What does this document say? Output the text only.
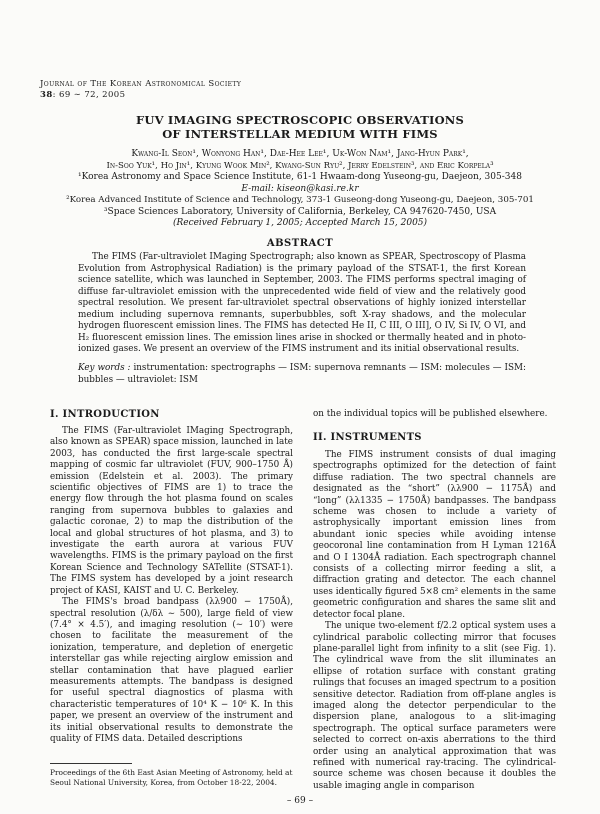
Journal of The Korean Astronomical Society
38: 69 ∼ 72, 2005
FUV IMAGING SPECTROSCOPIC OBSERVATIONS
OF INTERSTELLAR MEDIUM WITH FIMS
Kwang-Il Seon¹, Wonyong Han¹, Dae-Hee Lee¹, Uk-Won Nam¹, Jang-Hyun Park¹,
In-Soo Yuk¹, Ho Jin¹, Kyung Wook Min², Kwang-Sun Ryu², Jerry Edelstein³, and Eric Korpela³
¹Korea Astronomy and Space Science Institute, 61-1 Hwaam-dong Yuseong-gu, Daejeon, 305-348
E-mail: kiseon@kasi.re.kr
²Korea Advanced Institute of Science and Technology, 373-1 Guseong-dong Yuseong-gu, Daejeon, 305-701
³Space Sciences Laboratory, University of California, Berkeley, CA 947620-7450, USA
(Received February 1, 2005; Accepted March 15, 2005)
ABSTRACT
The FIMS (Far-ultraviolet IMaging Spectrograph; also known as SPEAR, Spectroscopy of Plasma Evolution from Astrophysical Radiation) is the primary payload of the STSAT-1, the first Korean science satellite, which was launched in September, 2003. The FIMS performs spectral imaging of diffuse far-ultraviolet emission with the unprecedented wide field of view and the relatively good spectral resolution. We present far-ultraviolet spectral observations of highly ionized interstellar medium including supernova remnants, superbubbles, soft X-ray shadows, and the molecular hydrogen fluorescent emission lines. The FIMS has detected He II, C III, O III], O IV, Si IV, O VI, and H₂ fluorescent emission lines. The emission lines arise in shocked or thermally heated and in photo-ionized gases. We present an overview of the FIMS instrument and its initial observational results.
Key words : instrumentation: spectrographs — ISM: supernova remnants — ISM: molecules — ISM: bubbles — ultraviolet: ISM
I. INTRODUCTION

The FIMS (Far-ultraviolet IMaging Spectrograph, also known as SPEAR) space mission, launched in late 2003, has conducted the first large-scale spectral mapping of cosmic far ultraviolet (FUV, 900–1750 Å) emission (Edelstein et al. 2003). The primary scientific objectives of FIMS are 1) to trace the energy flow through the hot plasma found on scales ranging from supernova bubbles to galaxies and galactic coronae, 2) to map the distribution of the local and global structures of hot plasma, and 3) to investigate the earth aurora at various FUV wavelengths. FIMS is the primary payload on the first Korean Science and Technology SATellite (STSAT-1). The FIMS system has developed by a joint research project of KASI, KAIST and U. C. Berkeley.

The FIMS's broad bandpass (λλ900 − 1750Å), spectral resolution (λ/δλ ∼ 500), large field of view (7.4° × 4.5′), and imaging resolution (∼ 10′) were chosen to facilitate the measurement of the ionization, temperature, and depletion of energetic interstellar gas while rejecting airglow emission and stellar contamination that have plagued earlier measurements attempts. The bandpass is designed for useful spectral diagnostics of plasma with characteristic temperatures of 10⁴ K − 10⁶ K. In this paper, we present an overview of the instrument and its initial observational results to demonstrate the quality of FIMS data. Detailed descriptions

on the individual topics will be published elsewhere.
II. INSTRUMENTS

The FIMS instrument consists of dual imaging spectrographs optimized for the detection of faint diffuse radiation. The two spectral channels are designated as the “short” (λλ900 − 1175Å) and “long” (λλ1335 − 1750Å) bandpasses. The bandpass scheme was chosen to include a variety of astrophysically important emission lines from abundant ionic species while avoiding intense geocoronal line contamination from H Lyman 1216Å and O I 1304Å radiation. Each spectrograph channel consists of a collecting mirror feeding a slit, a diffraction grating and detector. The each channel uses identically figured 5×8 cm² elements in the same geometric configuration and shares the same slit and detector focal plane.

The unique two-element f/2.2 optical system uses a cylindrical parabolic collecting mirror that focuses plane-parallel light from infinity to a slit (see Fig. 1). The cylindrical wave from the slit illuminates an ellipse of rotation surface with constant grating rulings that focuses an imaged spectrum to a position sensitive detector. Radiation from off-plane angles is imaged along the detector perpendicular to the dispersion plane, analogous to a slit-imaging spectrograph. The optical surface parameters were selected to correct on-axis aberrations to the third order using an analytical approximation that was refined with numerical ray-tracing. The cylindrical-source scheme was chosen because it doubles the usable imaging angle in comparison

Proceedings of the 6th East Asian Meeting of Astronomy, held at Seoul National University, Korea, from October 18-22, 2004.
– 69 –
